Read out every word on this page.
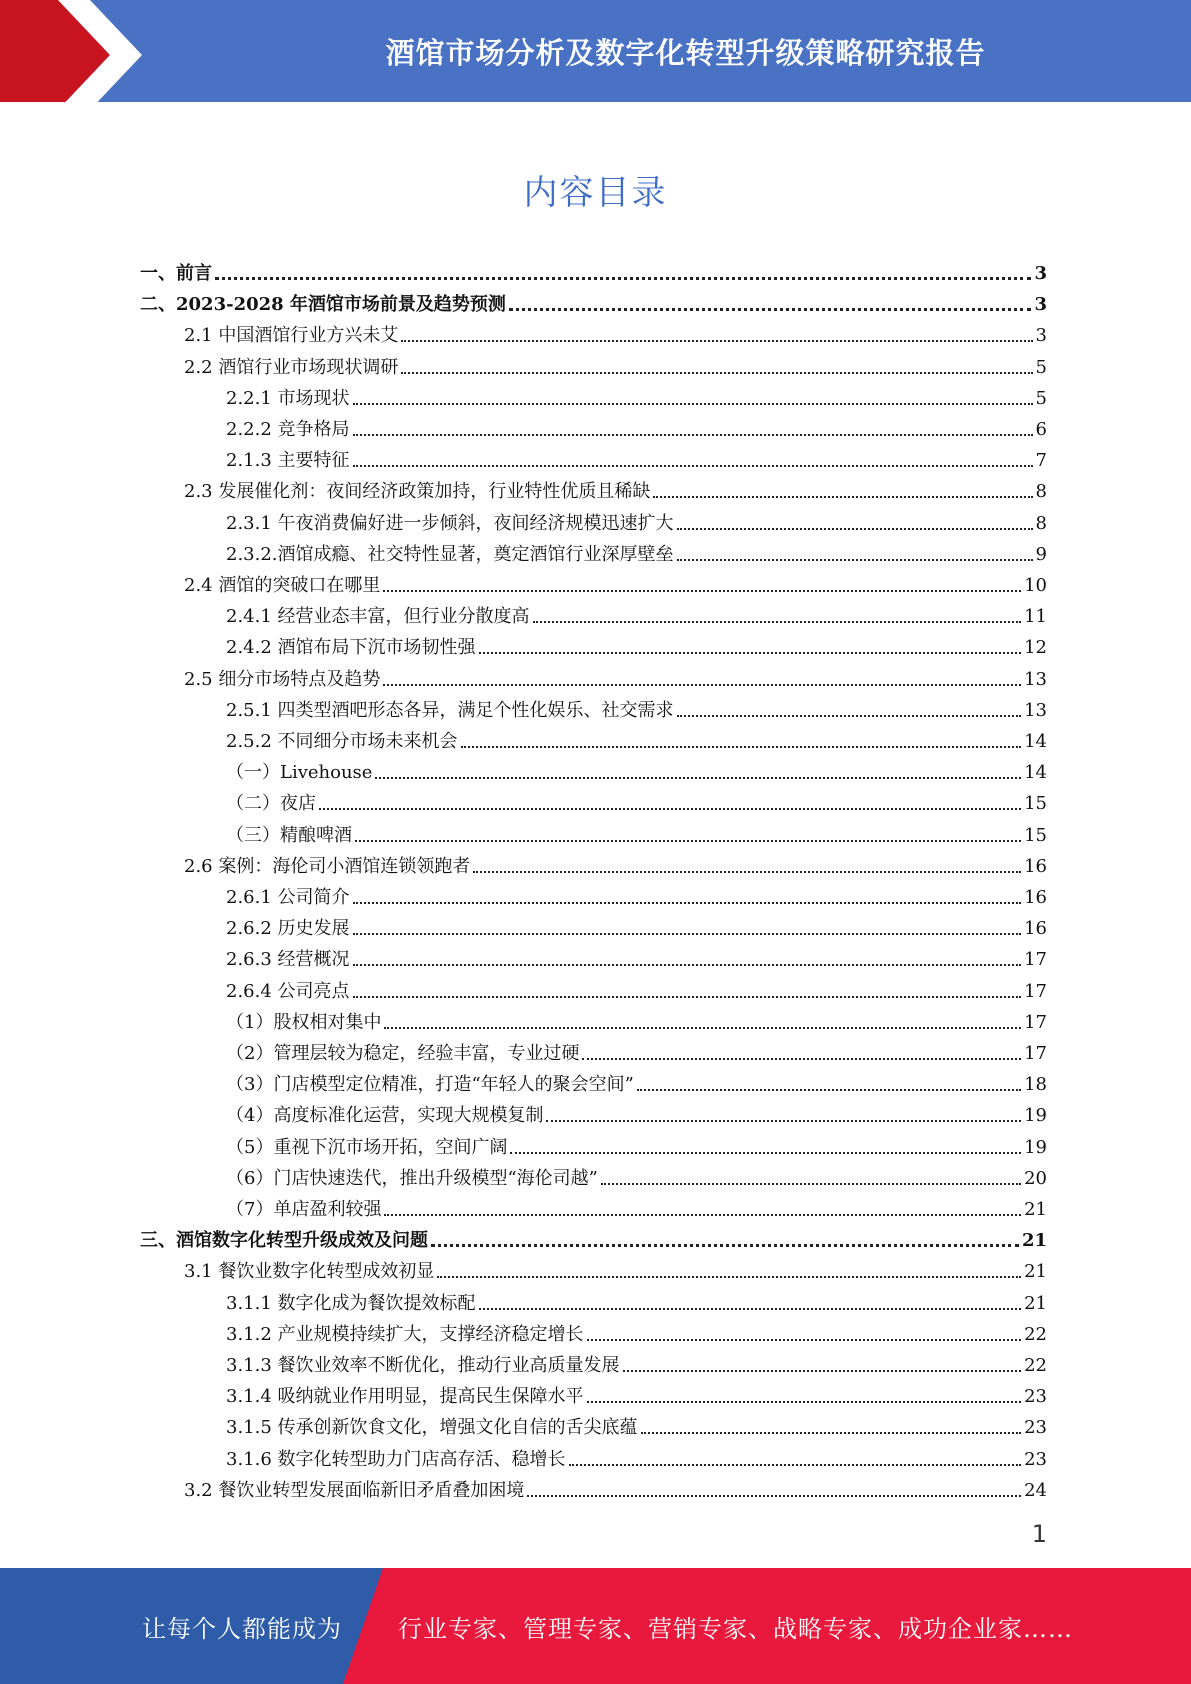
酒馆市场分析及数字化转型升级策略研究报告
内容目录
一、前言	3
二、2023-2028 年酒馆市场前景及趋势预测	3
2.1 中国酒馆行业方兴未艾	3
2.2 酒馆行业市场现状调研	5
2.2.1 市场现状	5
2.2.2 竞争格局	6
2.1.3 主要特征	7
2.3 发展催化剂：夜间经济政策加持，行业特性优质且稀缺	8
2.3.1 午夜消费偏好进一步倾斜，夜间经济规模迅速扩大	8
2.3.2.酒馆成瘾、社交特性显著，奠定酒馆行业深厚壁垒	9
2.4 酒馆的突破口在哪里	10
2.4.1 经营业态丰富，但行业分散度高	11
2.4.2 酒馆布局下沉市场韧性强	12
2.5 细分市场特点及趋势	13
2.5.1 四类型酒吧形态各异，满足个性化娱乐、社交需求	13
2.5.2 不同细分市场未来机会	14
（一）Livehouse	14
（二）夜店	15
（三）精酿啤酒	15
2.6 案例：海伦司小酒馆连锁领跑者	16
2.6.1 公司简介	16
2.6.2 历史发展	16
2.6.3 经营概况	17
2.6.4 公司亮点	17
（1）股权相对集中	17
（2）管理层较为稳定，经验丰富，专业过硬	17
（3）门店模型定位精准，打造“年轻人的聚会空间”	18
（4）高度标准化运营，实现大规模复制	19
（5）重视下沉市场开拓，空间广阔	19
（6）门店快速迭代，推出升级模型“海伦司越”	20
（7）单店盈利较强	21
三、酒馆数字化转型升级成效及问题	21
3.1 餐饮业数字化转型成效初显	21
3.1.1 数字化成为餐饮提效标配	21
3.1.2 产业规模持续扩大，支撑经济稳定增长	22
3.1.3 餐饮业效率不断优化，推动行业高质量发展	22
3.1.4 吸纳就业作用明显，提高民生保障水平	23
3.1.5 传承创新饮食文化，增强文化自信的舌尖底蕴	23
3.1.6 数字化转型助力门店高存活、稳增长	23
3.2 餐饮业转型发展面临新旧矛盾叠加困境	24
1
让每个人都能成为 行业专家、管理专家、营销专家、战略专家、成功企业家……
